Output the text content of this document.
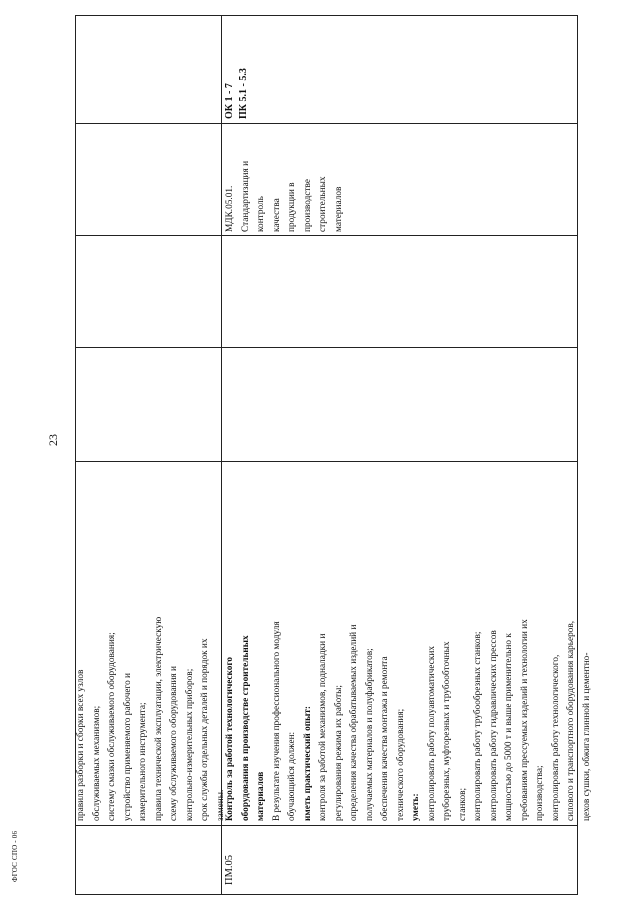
23
ФГОС СПО - 06
правила разборки и сборки всех узлов обслуживаемых механизмов; систему смазки обслуживаемого оборудования; устройство применяемого рабочего и измерительного инструмента; правила технической эксплуатации, электрическую схему обслуживаемого оборудования и контрольно-измерительных приборов; срок службы отдельных деталей и порядок их замены.
ПМ.05
Контроль за работой технологического оборудования в производстве строительных материалов В результате изучения профессионального модуля обучающийся должен: иметь практический опыт: контроля за работой механизмов, подналадки и регулирования режима их работы; определения качества обрабатываемых изделий и получаемых материалов и полуфабрикатов; обеспечения качества монтажа и ремонта технического оборудования; уметь: контролировать работу полуавтоматических труборезных, муфторезных и трубообточных станков; контролировать работу трубообрезных станков; контролировать работу гидравлических прессов мощностью до 5000 т и выше применительно к требованиям прессуемых изделий и технологии их производства; контролировать работу технологического, силового и транспортного оборудования карьеров, цехов сушки, обжига глинной и цементно-
МДК.05.01. Стандартизация и контроль качества продукции в производстве строительных материалов
ОК 1 - 7 ПК 5.1 - 5.3
